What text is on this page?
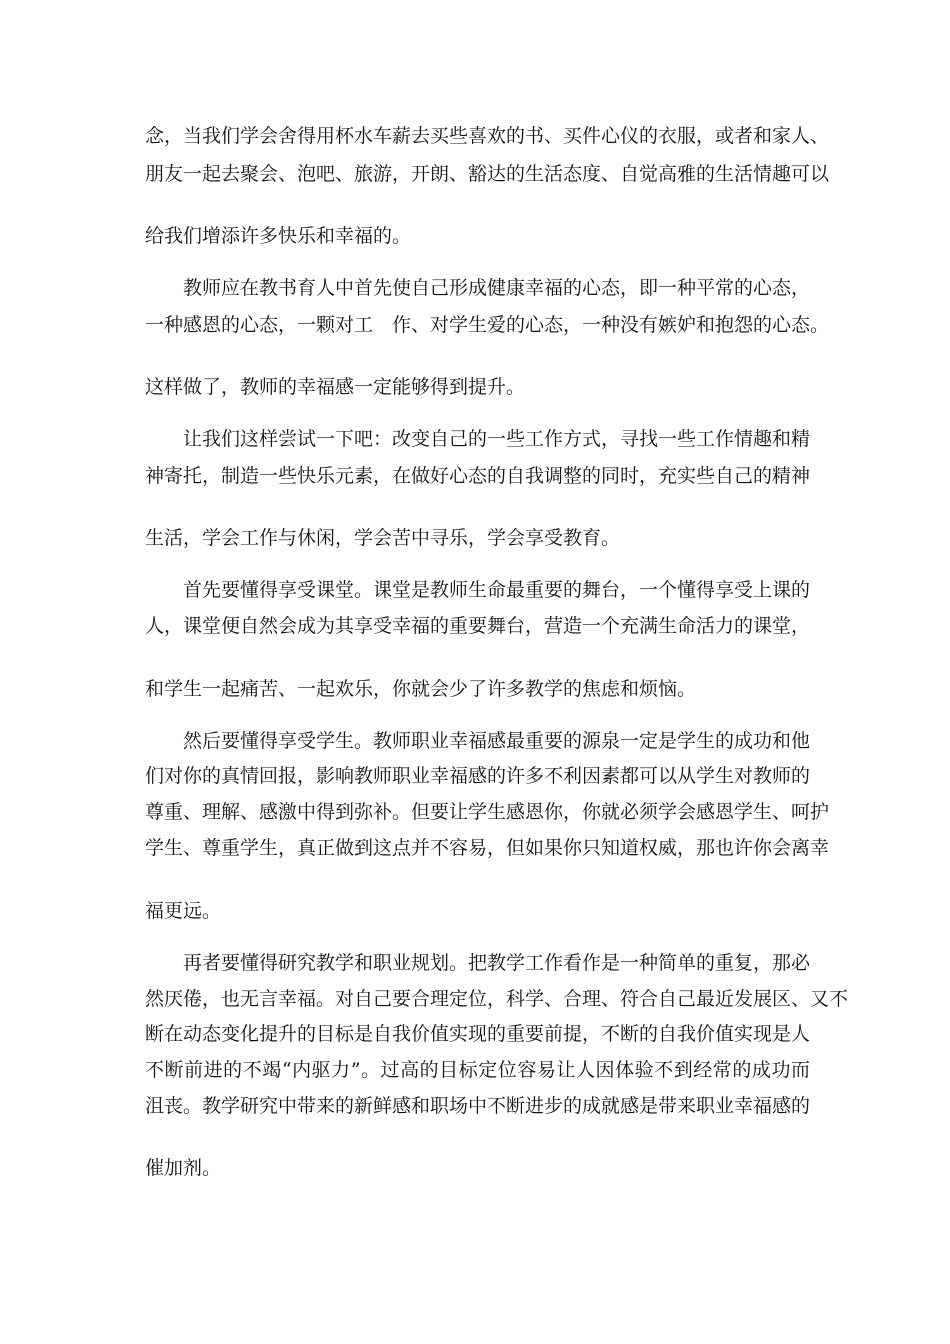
念，当我们学会舍得用杯水车薪去买些喜欢的书、买件心仪的衣服，或者和家人、
朋友一起去聚会、泡吧、旅游，开朗、豁达的生活态度、自觉高雅的生活情趣可以
给我们增添许多快乐和幸福的。
教师应在教书育人中首先使自己形成健康幸福的心态，即一种平常的心态，
一种感恩的心态，一颗对工　作、对学生爱的心态，一种没有嫉妒和抱怨的心态。
这样做了，教师的幸福感一定能够得到提升。
让我们这样尝试一下吧：改变自己的一些工作方式，寻找一些工作情趣和精
神寄托，制造一些快乐元素，在做好心态的自我调整的同时，充实些自己的精神
生活，学会工作与休闲，学会苦中寻乐，学会享受教育。
首先要懂得享受课堂。课堂是教师生命最重要的舞台，一个懂得享受上课的
人，课堂便自然会成为其享受幸福的重要舞台，营造一个充满生命活力的课堂，
和学生一起痛苦、一起欢乐，你就会少了许多教学的焦虑和烦恼。
然后要懂得享受学生。教师职业幸福感最重要的源泉一定是学生的成功和他
们对你的真情回报，影响教师职业幸福感的许多不利因素都可以从学生对教师的
尊重、理解、感激中得到弥补。但要让学生感恩你，你就必须学会感恩学生、呵护
学生、尊重学生，真正做到这点并不容易，但如果你只知道权威，那也许你会离幸
福更远。
再者要懂得研究教学和职业规划。把教学工作看作是一种简单的重复，那必
然厌倦，也无言幸福。对自己要合理定位，科学、合理、符合自己最近发展区、又不
断在动态变化提升的目标是自我价值实现的重要前提，不断的自我价值实现是人
不断前进的不竭“内驱力”。过高的目标定位容易让人因体验不到经常的成功而
沮丧。教学研究中带来的新鲜感和职场中不断进步的成就感是带来职业幸福感的
催加剂。
